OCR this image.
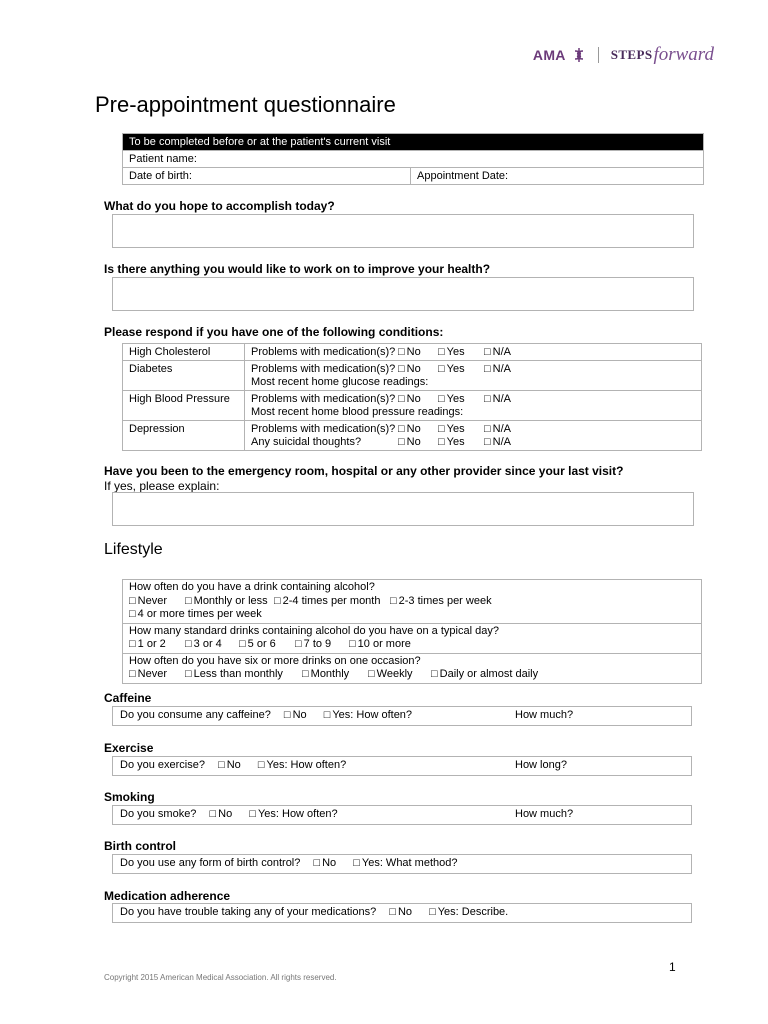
AMA	STEPS forward
Pre-appointment questionnaire
To be completed before or at the patient's current visit
Patient name:
Date of birth:	Appointment Date:
What do you hope to accomplish today?
Is there anything you would like to work on to improve your health?
Please respond if you have one of the following conditions:
High Cholesterol	Problems with medication(s)? □ No □ Yes □ N/A
Diabetes	Problems with medication(s)? □ No □ Yes □ N/A
Most recent home glucose readings:
High Blood Pressure	Problems with medication(s)? □ No □ Yes □ N/A
Most recent home blood pressure readings:
Depression	Problems with medication(s)? □ No □ Yes □ N/A
Any suicidal thoughts? □ No □ Yes □ N/A
Have you been to the emergency room, hospital or any other provider since your last visit?
If yes, please explain:
Lifestyle
How often do you have a drink containing alcohol?
□ Never □ Monthly or less □ 2-4 times per month □ 2-3 times per week
□ 4 or more times per week
How many standard drinks containing alcohol do you have on a typical day?
□ 1 or 2	□ 3 or 4 □ 5 or 6	□ 7 to 9 □ 10 or more
How often do you have six or more drinks on one occasion?
□ Never □ Less than monthly	□ Monthly □ Weekly □ Daily or almost daily
Caffeine
Do you consume any caffeine? □ No □ Yes: How often?	How much?
Exercise
Do you exercise? □ No □ Yes: How often?	How long?
Smoking
Do you smoke? □ No □ Yes: How often?	How much?
Birth control
Do you use any form of birth control? □ No □ Yes: What method?
Medication adherence
Do you have trouble taking any of your medications? □ No □ Yes: Describe.
1
Copyright 2015 American Medical Association. All rights reserved.
